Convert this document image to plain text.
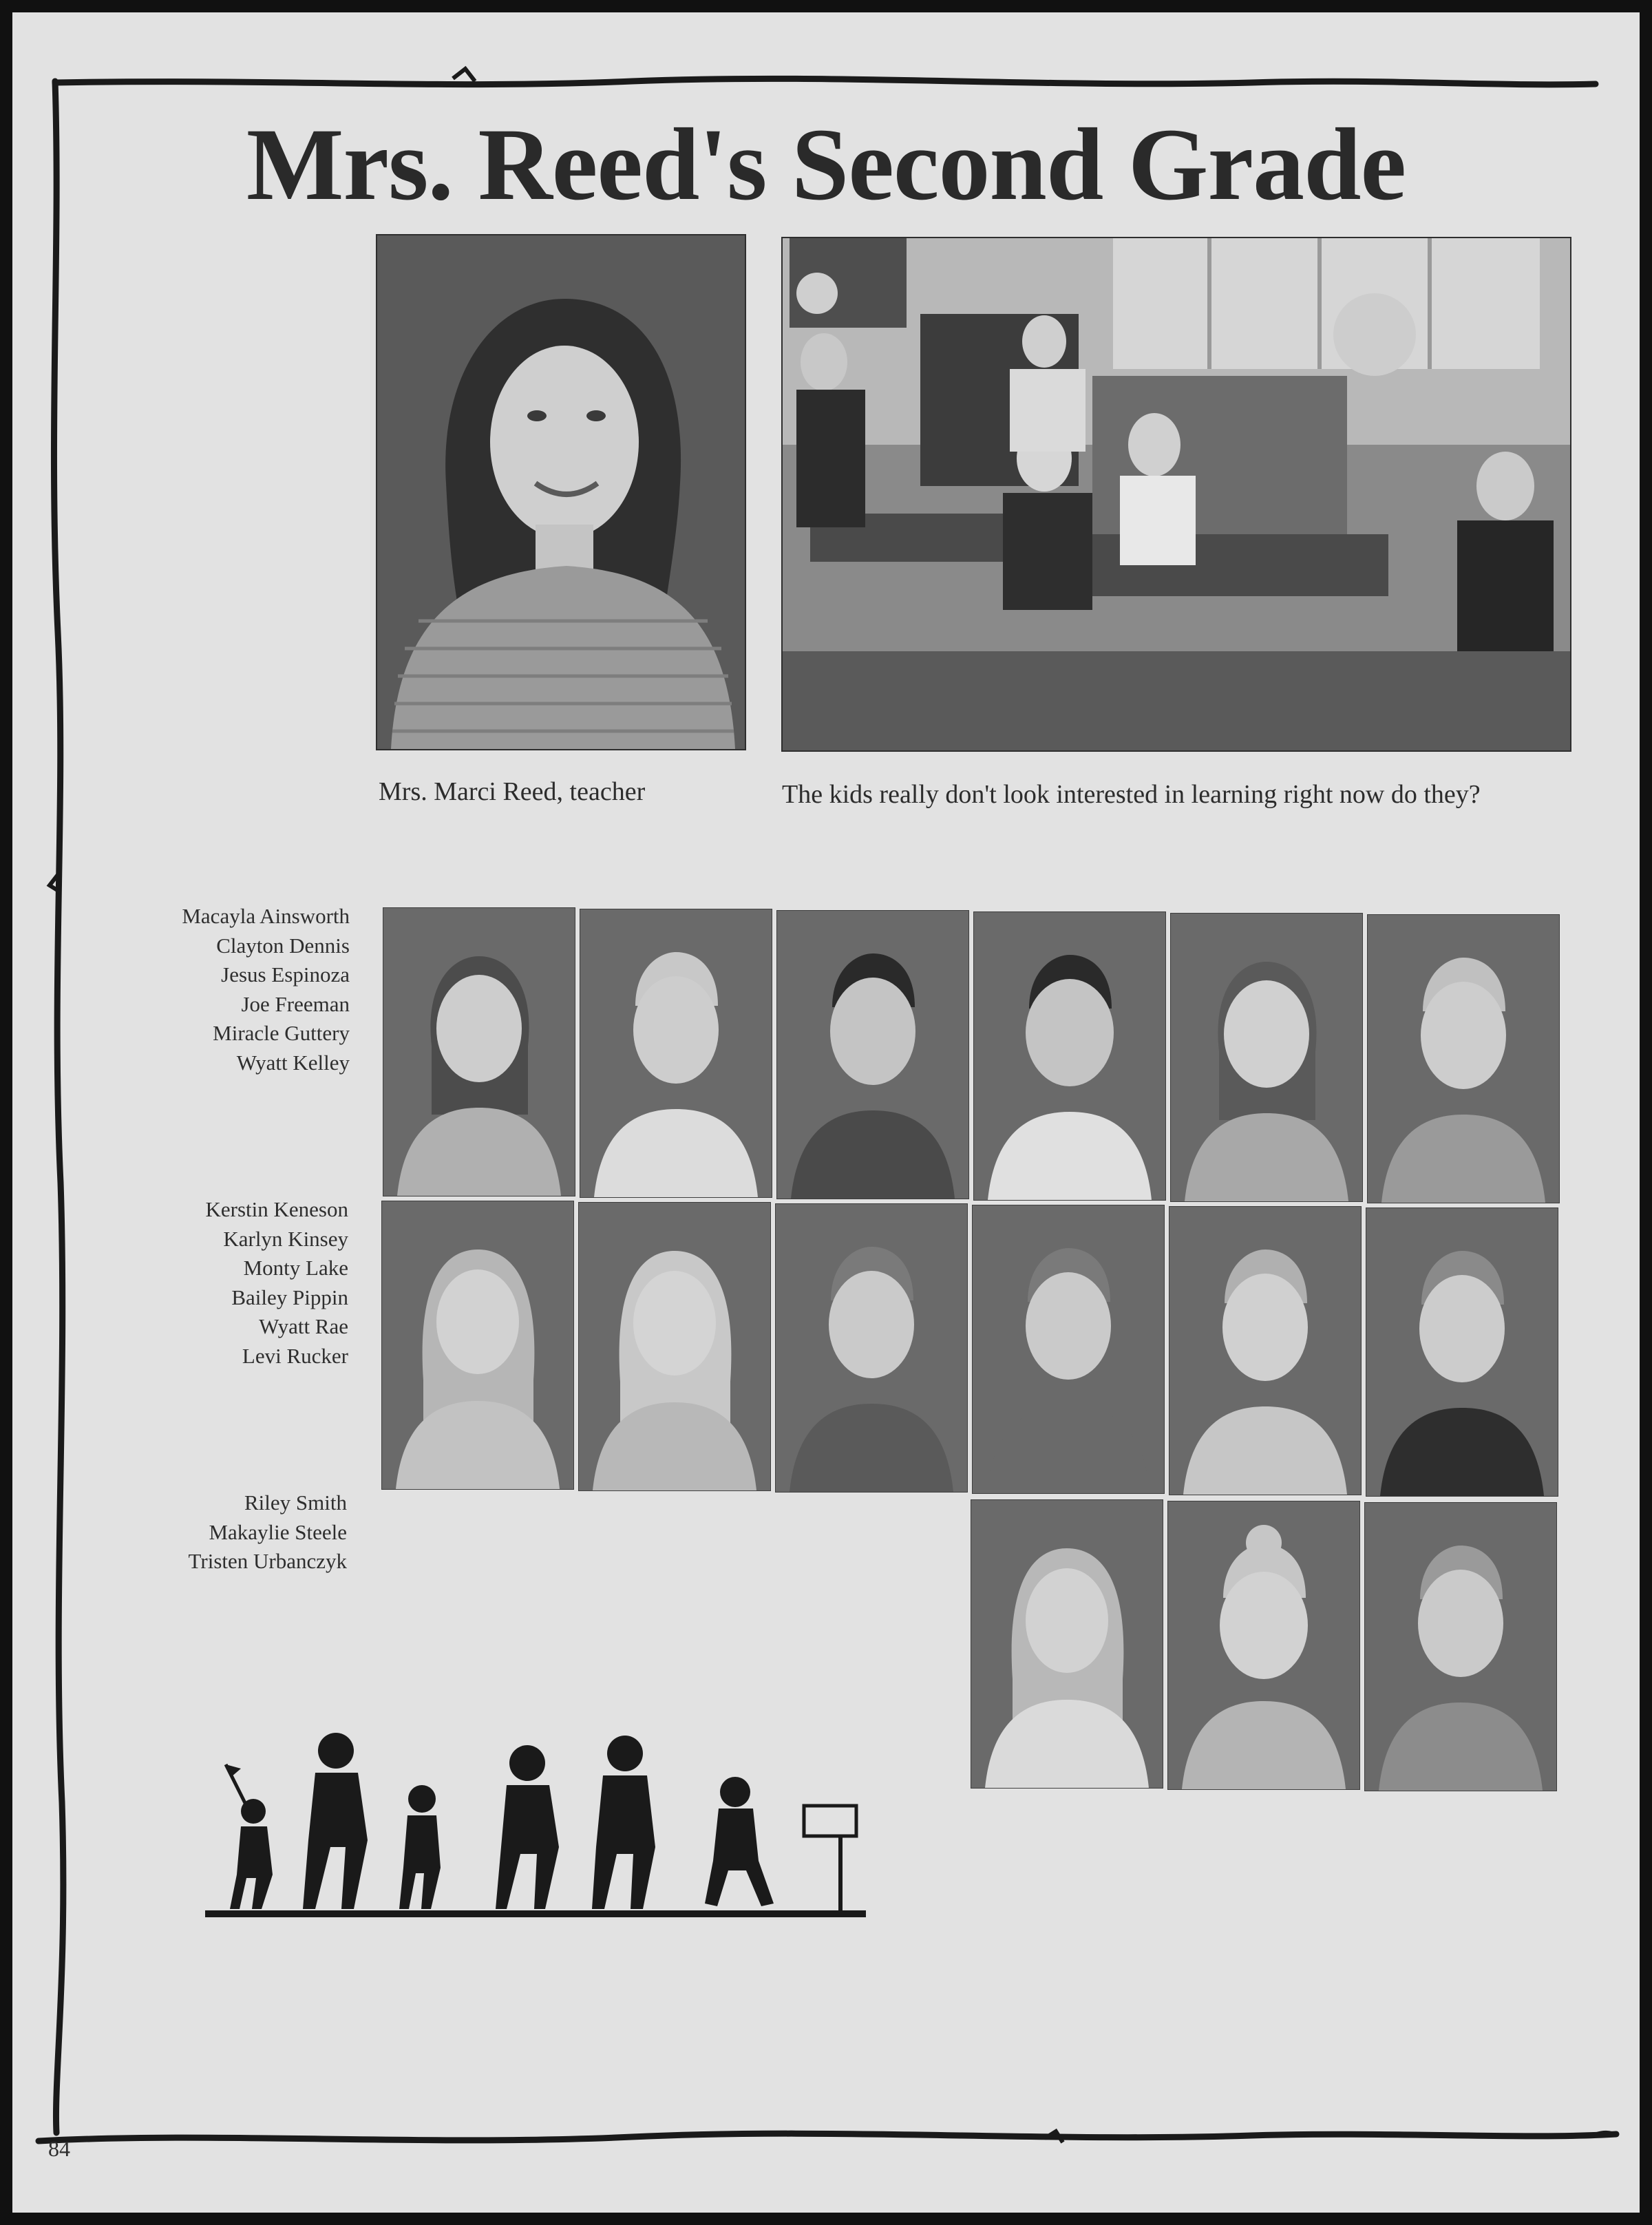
Mrs. Reed's Second Grade
Mrs. Marci Reed, teacher	The kids really don't look interested in learning right now do they?
Macayla Ainsworth
Clayton Dennis
Jesus Espinoza
Joe Freeman
Miracle Guttery
Wyatt Kelley
Kerstin Keneson
Karlyn Kinsey
Monty Lake
Bailey Pippin
Wyatt Rae
Levi Rucker
Riley Smith
Makaylie Steele
Tristen Urbanczyk
84
